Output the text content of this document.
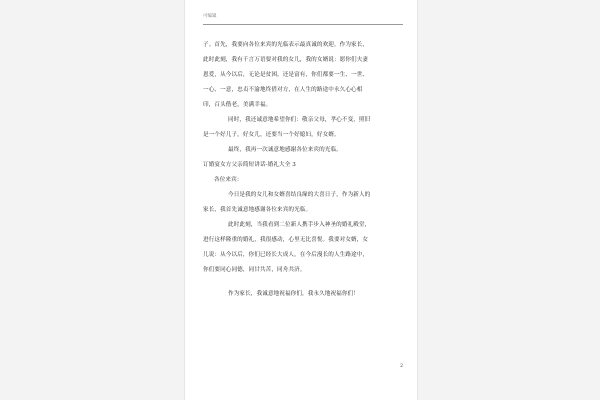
可编辑

子。首先，我要向各位来宾的光临表示最真诚的欢迎。作为家长，

此时此刻，我有千言万语要对我的女儿，我的女婿说：愿你们夫妻

恩爱，从今以后，无论是贫困，还是富有，你们都要一生、一世、

一心、一意，忠贞不渝地终借对方，在人生的路途中永久心心相

印，百头偕老，美满幸福。

同时，我还诚意地希望你们：敬亲父母，孝心不变，照旧

是一个好儿子，好女儿，还要当一个好媳妇，好女婿。

最终，我再一次诚意地感谢各位来宾的光临。

订婚宴女方父亲简短讲话-婚礼大全 3

各位来宾：

今日是我的女儿和女婿喜结良缘的大喜日子，作为新人的

家长，我首先诚意地感谢各位来宾的光临。

此时此刻，当我看到二位新人携手步入神圣的婚礼殿堂，

进行这样隆重的婚礼，我很感动，心里无比喜悦。我要对女婿，女

儿说：从今以后，你们已经长大成人，在今后漫长的人生路途中，

你们要同心同德，同甘共苦，同舟共济。

作为家长，我诚意地祝福你们，我永久地祝福你们！

2
